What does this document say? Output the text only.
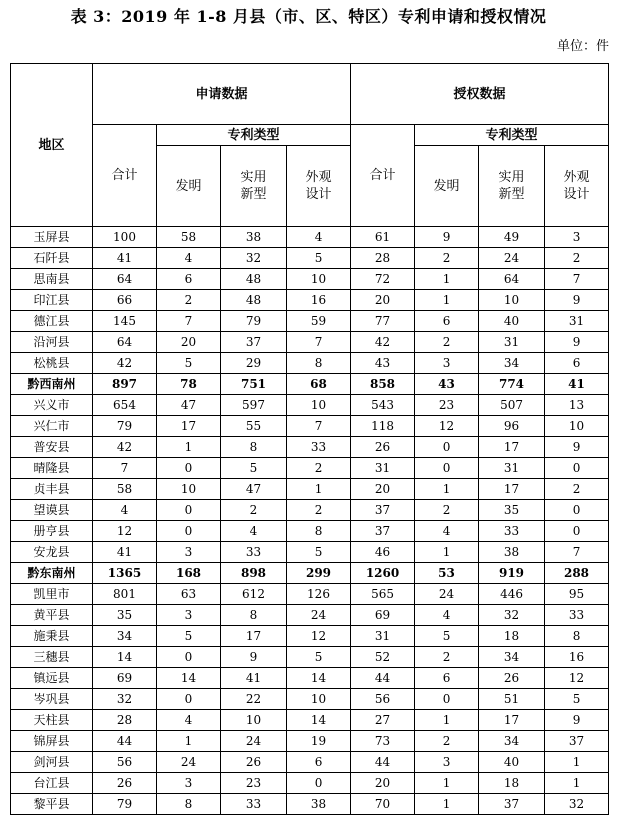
表 3：2019 年 1-8 月县（市、区、特区）专利申请和授权情况
单位：件
地区	申请数据				授权数据			
	合计	专利类型			合计	专利类型		
		发明	实用新型	外观设计		发明	实用新型	外观设计
玉屏县	100	58	38	4	61	9	49	3
石阡县	41	4	32	5	28	2	24	2
思南县	64	6	48	10	72	1	64	7
印江县	66	2	48	16	20	1	10	9
德江县	145	7	79	59	77	6	40	31
沿河县	64	20	37	7	42	2	31	9
松桃县	42	5	29	8	43	3	34	6
黔西南州	897	78	751	68	858	43	774	41
兴义市	654	47	597	10	543	23	507	13
兴仁市	79	17	55	7	118	12	96	10
普安县	42	1	8	33	26	0	17	9
晴隆县	7	0	5	2	31	0	31	0
贞丰县	58	10	47	1	20	1	17	2
望谟县	4	0	2	2	37	2	35	0
册亨县	12	0	4	8	37	4	33	0
安龙县	41	3	33	5	46	1	38	7
黔东南州	1365	168	898	299	1260	53	919	288
凯里市	801	63	612	126	565	24	446	95
黄平县	35	3	8	24	69	4	32	33
施秉县	34	5	17	12	31	5	18	8
三穗县	14	0	9	5	52	2	34	16
镇远县	69	14	41	14	44	6	26	12
岑巩县	32	0	22	10	56	0	51	5
天柱县	28	4	10	14	27	1	17	9
锦屏县	44	1	24	19	73	2	34	37
剑河县	56	24	26	6	44	3	40	1
台江县	26	3	23	0	20	1	18	1
黎平县	79	8	33	38	70	1	37	32
